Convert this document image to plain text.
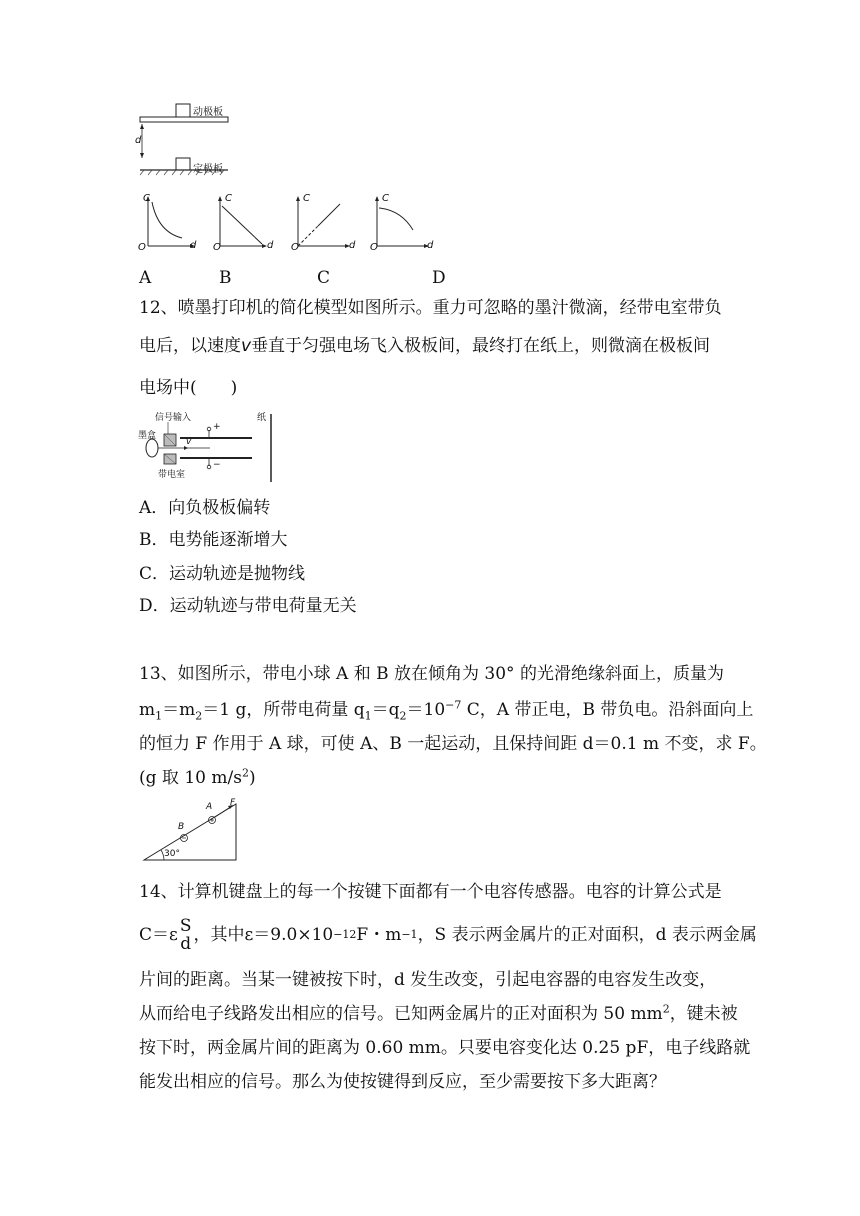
动极板
定极板
d
C
O	d
C
O	d
C
O	d
C
O	d
A	B	C	D
12、喷墨打印机的简化模型如图所示。重力可忽略的墨汁微滴，经带电室带负
电后，以速度v垂直于匀强电场飞入极板间，最终打在纸上，则微滴在极板间
电场中(　　)
信号输入
墨盒
带电室
纸
v
+
−
A．向负极板偏转
B．电势能逐渐增大
C．运动轨迹是抛物线
D．运动轨迹与带电荷量无关
13、如图所示，带电小球 A 和 B 放在倾角为 30° 的光滑绝缘斜面上，质量为
$m_1=m_2=1$ g，所带电荷量 $q_1=q_2=10^{-7}$ C，A 带正电，B 带负电。沿斜面向上
的恒力 F 作用于 A 球，可使 A、B 一起运动，且保持间距 d＝0.1 m 不变，求 F。
(g 取 10 $m/s^2$)
B
A F
30°
14、计算机键盘上的每一个按键下面都有一个电容传感器。电容的计算公式是
C＝ε S
d ，其中ε＝9.0×10 −12 F・m −1 ，S 表示两金属片的正对面积，d 表示两金属
片间的距离。当某一键被按下时，d 发生改变，引起电容器的电容发生改变，
从而给电子线路发出相应的信号。已知两金属片的正对面积为 50 $mm^2$，键未被
按下时，两金属片间的距离为 0.60 mm。只要电容变化达 0.25 pF，电子线路就
能发出相应的信号。那么为使按键得到反应，至少需要按下多大距离？
